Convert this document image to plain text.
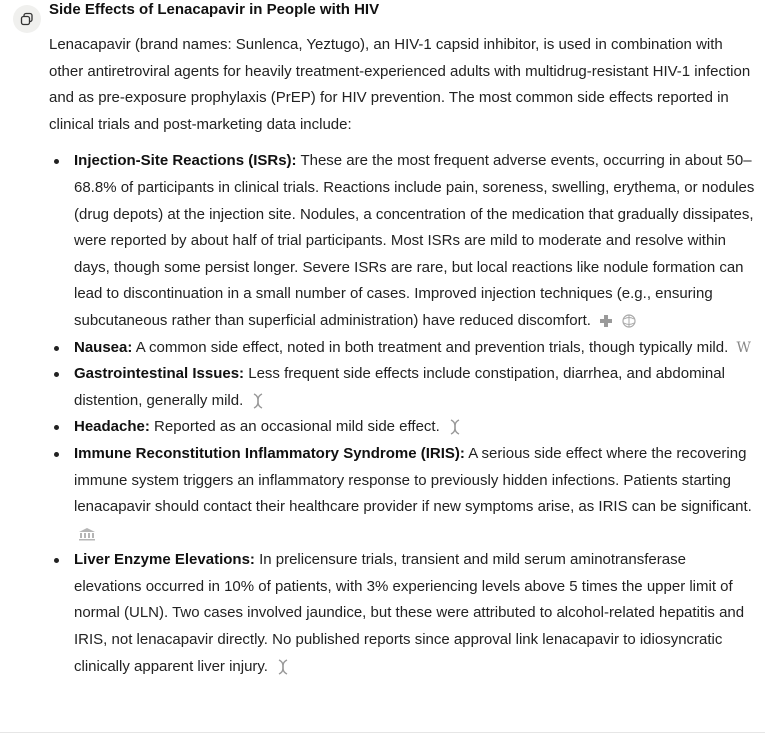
Side Effects of Lenacapavir in People with HIV

Lenacapavir (brand names: Sunlenca, Yeztugo), an HIV-1 capsid inhibitor, is used in combination with other antiretroviral agents for heavily treatment-experienced adults with multidrug-resistant HIV-1 infection and as pre-exposure prophylaxis (PrEP) for HIV prevention. The most common side effects reported in clinical trials and post-marketing data include:

Injection-Site Reactions (ISRs): These are the most frequent adverse events, occurring in about 50–68.8% of participants in clinical trials. Reactions include pain, soreness, swelling, erythema, or nodules (drug depots) at the injection site. Nodules, a concentration of the medication that gradually dissipates, were reported by about half of trial participants. Most ISRs are mild to moderate and resolve within days, though some persist longer. Severe ISRs are rare, but local reactions like nodule formation can lead to discontinuation in a small number of cases. Improved injection techniques (e.g., ensuring subcutaneous rather than superficial administration) have reduced discomfort.

Nausea: A common side effect, noted in both treatment and prevention trials, though typically mild. W
Gastrointestinal Issues: Less frequent side effects include constipation, diarrhea, and abdominal distention, generally mild.
Headache: Reported as an occasional mild side effect.
Immune Reconstitution Inflammatory Syndrome (IRIS): A serious side effect where the recovering immune system triggers an inflammatory response to previously hidden infections. Patients starting lenacapavir should contact their healthcare provider if new symptoms arise, as IRIS can be significant.
Liver Enzyme Elevations: In prelicensure trials, transient and mild serum aminotransferase elevations occurred in 10% of patients, with 3% experiencing levels above 5 times the upper limit of normal (ULN). Two cases involved jaundice, but these were attributed to alcohol-related hepatitis and IRIS, not lenacapavir directly. No published reports since approval link lenacapavir to idiosyncratic clinically apparent liver injury.
